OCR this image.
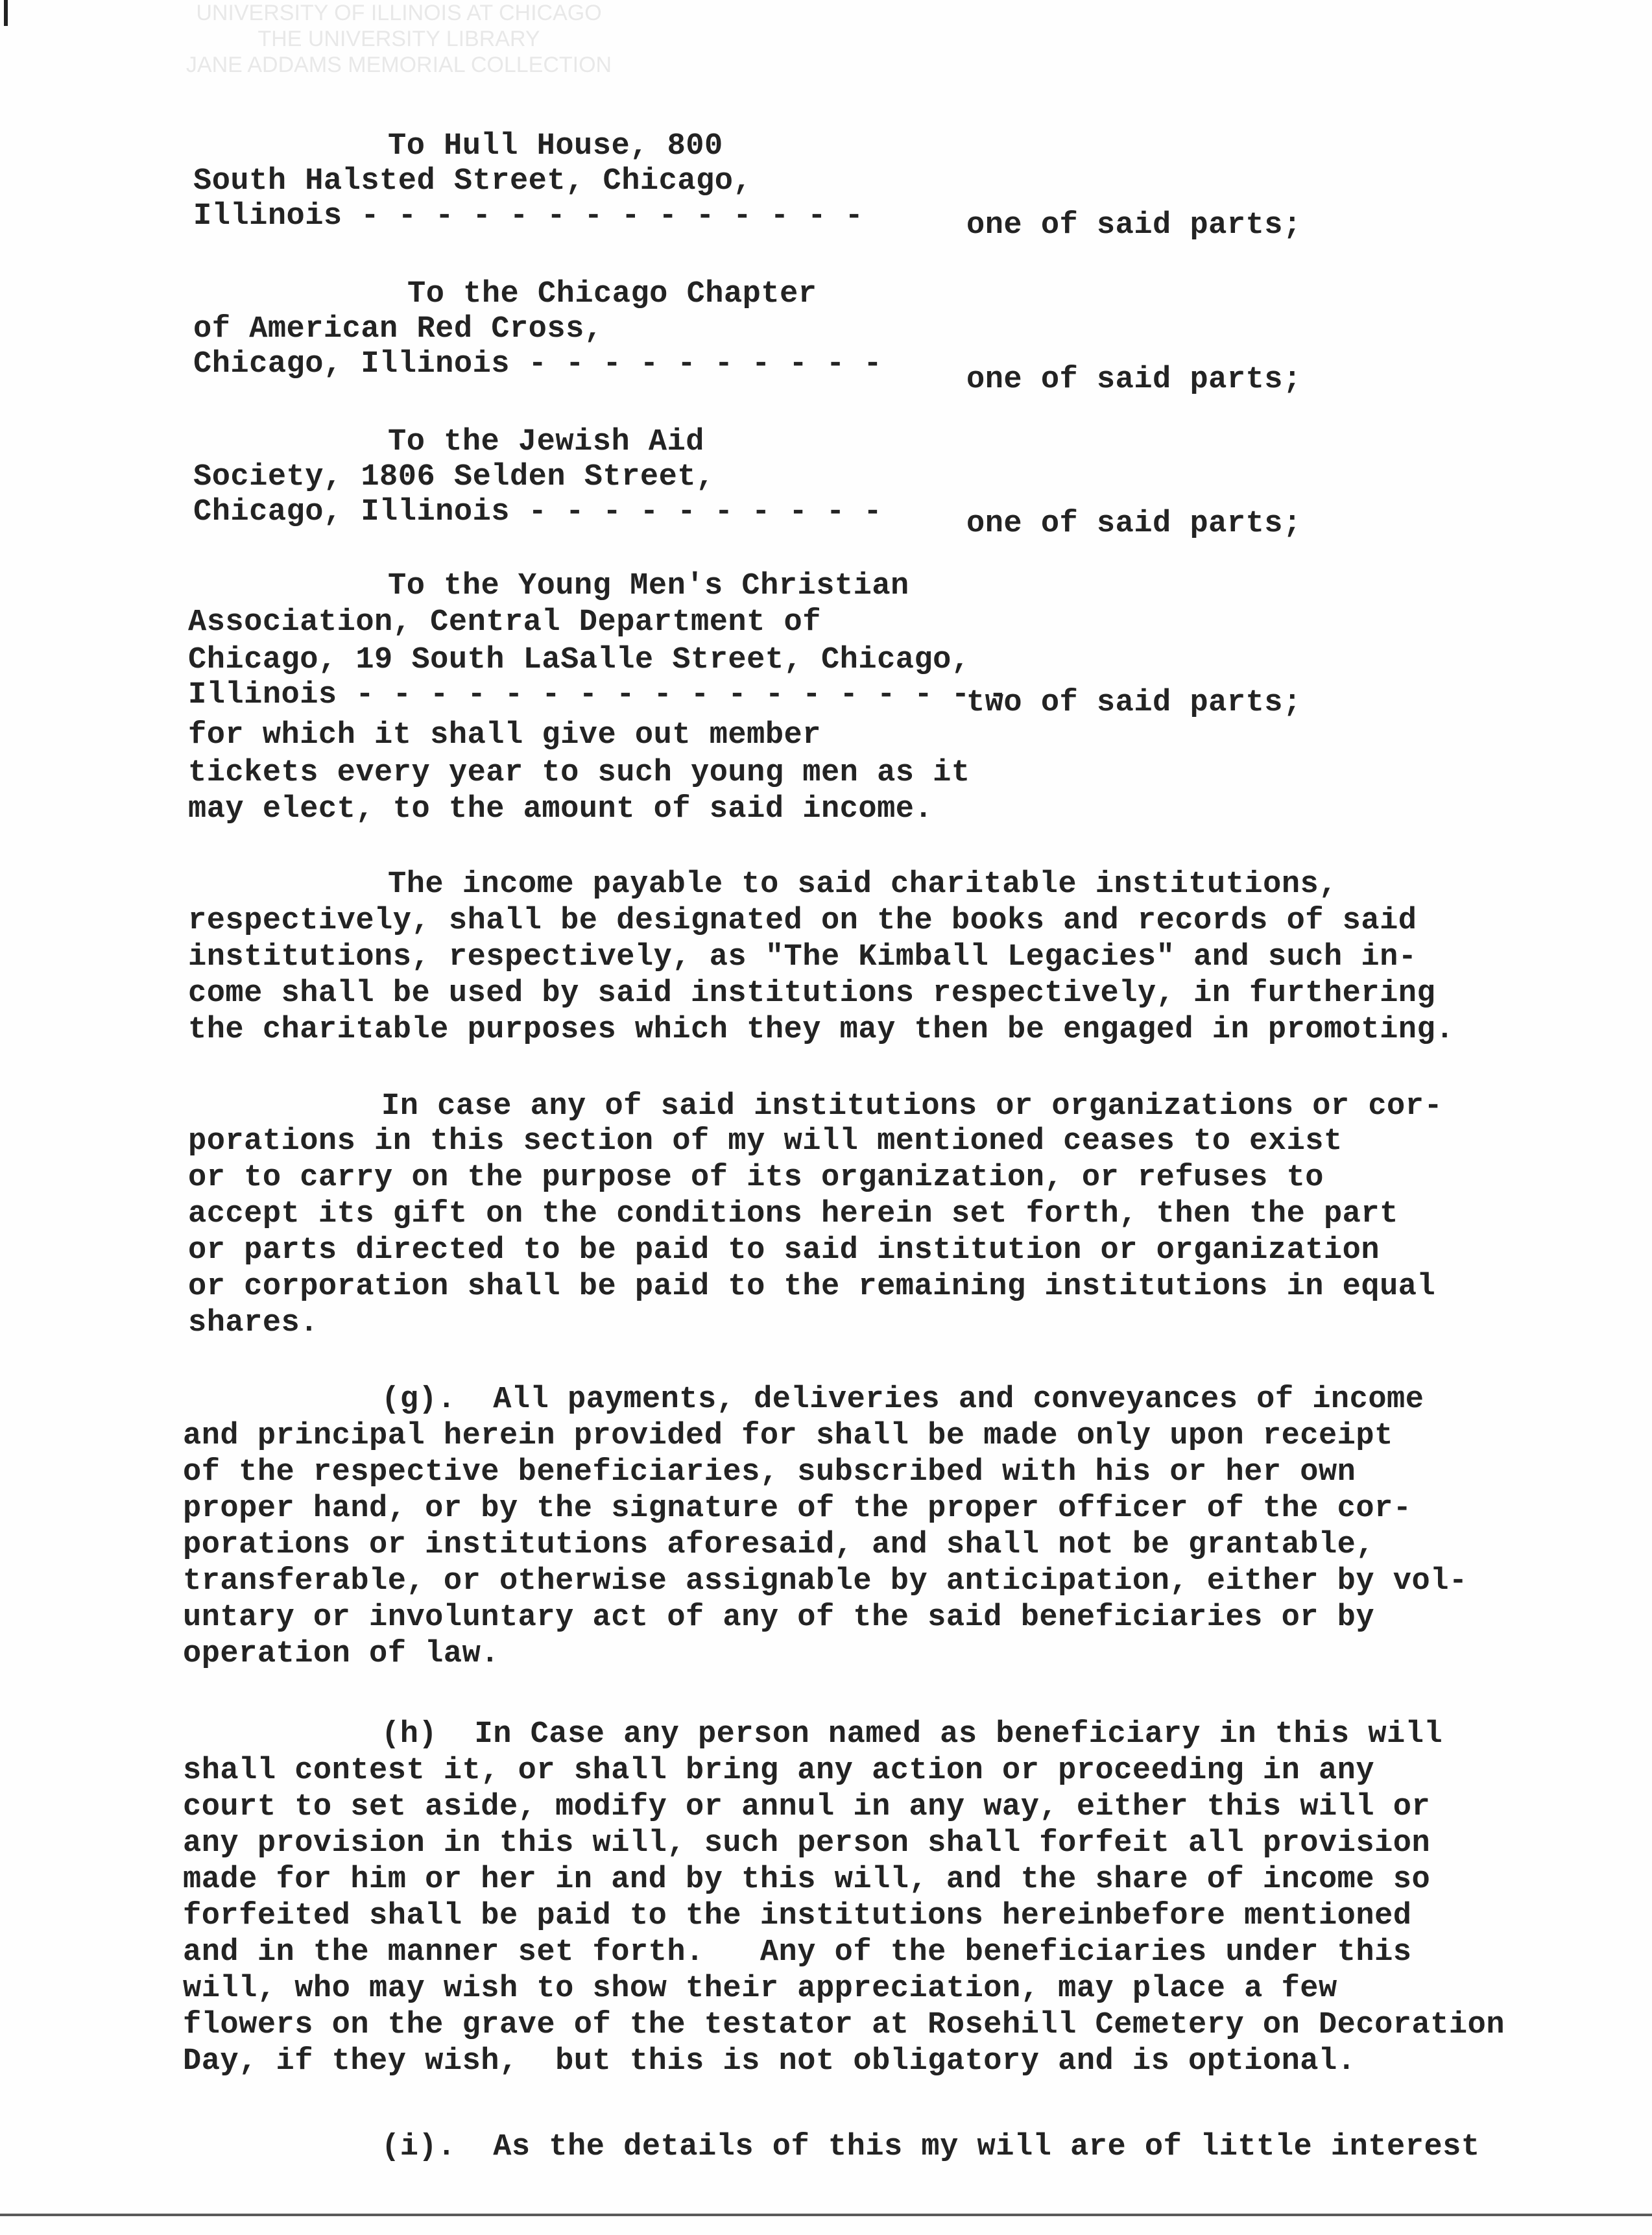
UNIVERSITY OF ILLINOIS AT CHICAGO
THE UNIVERSITY LIBRARY
JANE ADDAMS MEMORIAL COLLECTION
To Hull House, 800
South Halsted Street, Chicago,
Illinois - - - - - - - - - - - - - -	one of said parts;
To the Chicago Chapter
of American Red Cross,
Chicago, Illinois - - - - - - - - - -	one of said parts;
To the Jewish Aid
Society, 1806 Selden Street,
Chicago, Illinois - - - - - - - - - -	one of said parts;
To the Young Men's Christian
Association, Central Department of
Chicago, 19 South LaSalle Street, Chicago,
Illinois - - - - - - - - - - - - - - - - - -
two of said parts;
for which it shall give out member
tickets every year to such young men as it
may elect, to the amount of said income.
The income payable to said charitable institutions,
respectively, shall be designated on the books and records of said
institutions, respectively, as "The Kimball Legacies" and such in-
come shall be used by said institutions respectively, in furthering
the charitable purposes which they may then be engaged in promoting.
In case any of said institutions or organizations or cor-
porations in this section of my will mentioned ceases to exist
or to carry on the purpose of its organization, or refuses to
accept its gift on the conditions herein set forth, then the part
or parts directed to be paid to said institution or organization
or corporation shall be paid to the remaining institutions in equal
shares.
(g).  All payments, deliveries and conveyances of income
and principal herein provided for shall be made only upon receipt
of the respective beneficiaries, subscribed with his or her own
proper hand, or by the signature of the proper officer of the cor-
porations or institutions aforesaid, and shall not be grantable,
transferable, or otherwise assignable by anticipation, either by vol-
untary or involuntary act of any of the said beneficiaries or by
operation of law.
(h)  In Case any person named as beneficiary in this will
shall contest it, or shall bring any action or proceeding in any
court to set aside, modify or annul in any way, either this will or
any provision in this will, such person shall forfeit all provision
made for him or her in and by this will, and the share of income so
forfeited shall be paid to the institutions hereinbefore mentioned
and in the manner set forth.   Any of the beneficiaries under this
will, who may wish to show their appreciation, may place a few
flowers on the grave of the testator at Rosehill Cemetery on Decoration
Day, if they wish,  but this is not obligatory and is optional.
(i).  As the details of this my will are of little interest
